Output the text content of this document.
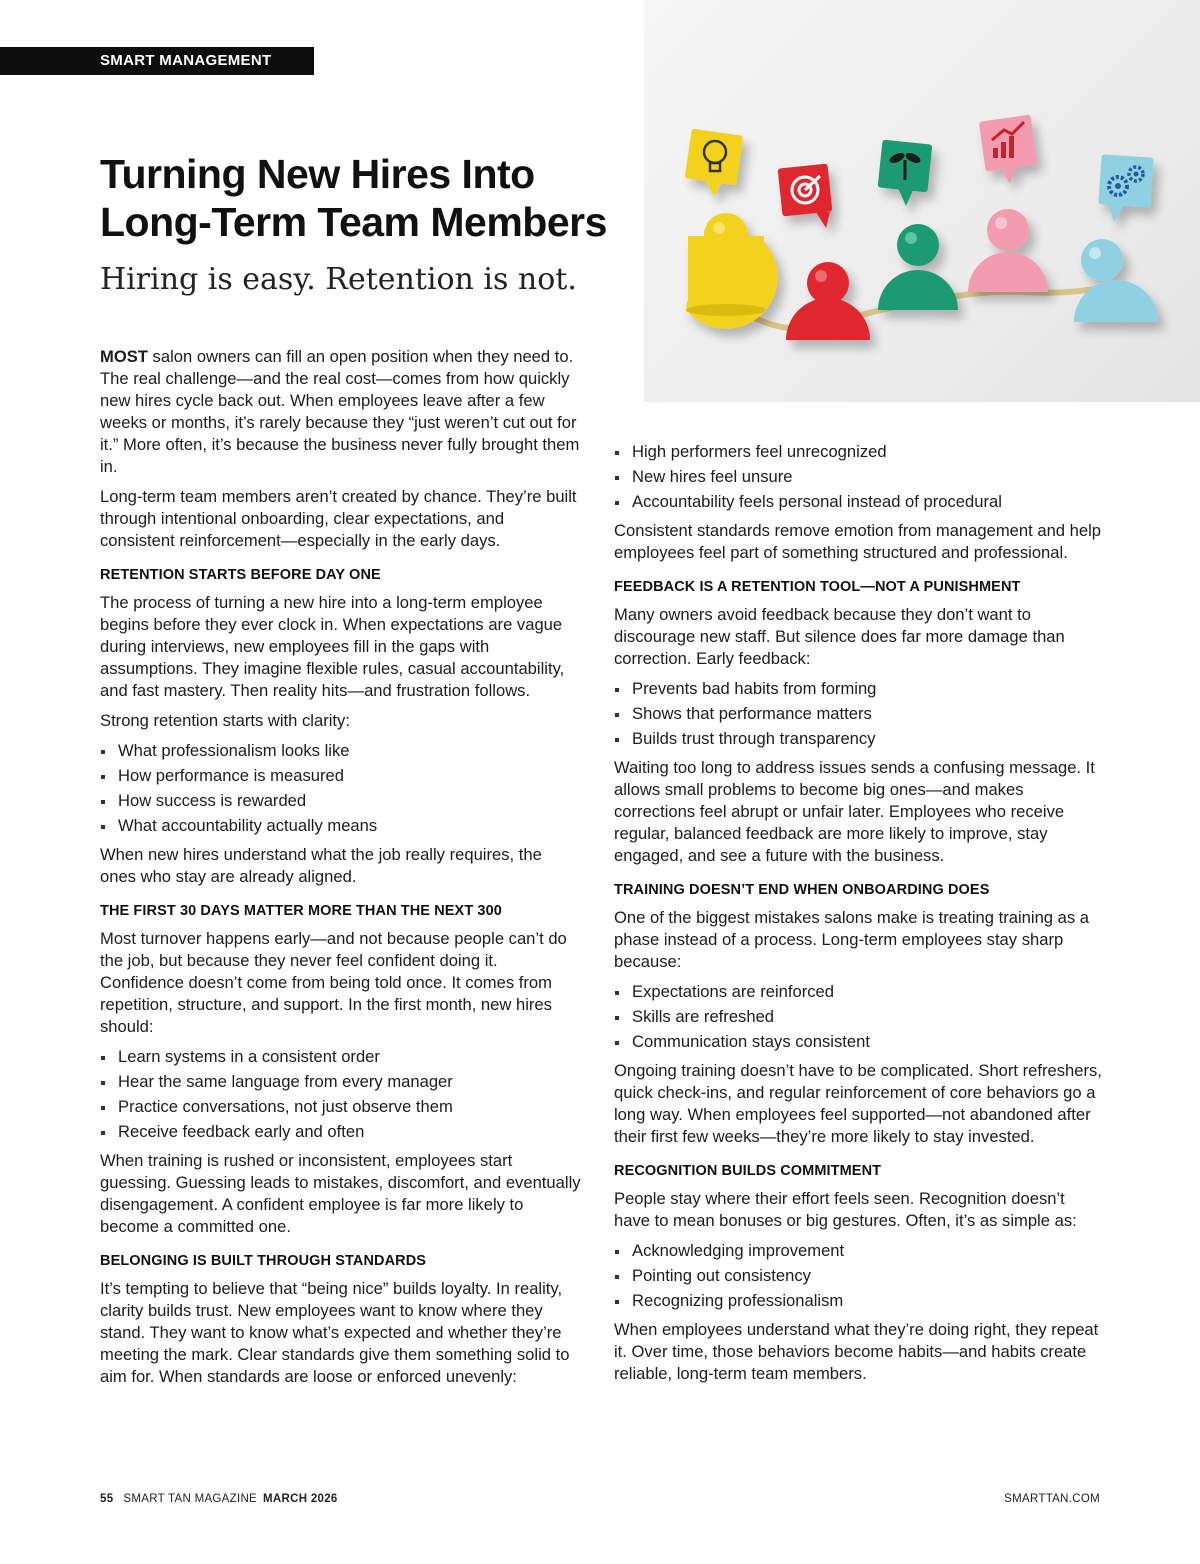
SMART MANAGEMENT
Turning New Hires Into
Long-Term Team Members
Hiring is easy. Retention is not.

MOST salon owners can fill an open position when they need to. The real challenge—and the real cost—comes from how quickly new hires cycle back out. When employees leave after a few weeks or months, it’s rarely because they “just weren’t cut out for it.” More often, it’s because the business never fully brought them in.

Long-term team members aren’t created by chance. They’re built through intentional onboarding, clear expectations, and consistent reinforcement—especially in the early days.

RETENTION STARTS BEFORE DAY ONE

The process of turning a new hire into a long-term employee begins before they ever clock in. When expectations are vague during interviews, new employees fill in the gaps with assumptions. They imagine flexible rules, casual accountability, and fast mastery. Then reality hits—and frustration follows.

Strong retention starts with clarity:

What professionalism looks like
How performance is measured
How success is rewarded
What accountability actually means

When new hires understand what the job really requires, the ones who stay are already aligned.

THE FIRST 30 DAYS MATTER MORE THAN THE NEXT 300

Most turnover happens early—and not because people can’t do the job, but because they never feel confident doing it. Confidence doesn’t come from being told once. It comes from repetition, structure, and support. In the first month, new hires should:

Learn systems in a consistent order
Hear the same language from every manager
Practice conversations, not just observe them
Receive feedback early and often

When training is rushed or inconsistent, employees start guessing. Guessing leads to mistakes, discomfort, and eventually disengagement. A confident employee is far more likely to become a committed one.

BELONGING IS BUILT THROUGH STANDARDS

It’s tempting to believe that “being nice” builds loyalty. In reality, clarity builds trust. New employees want to know where they stand. They want to know what’s expected and whether they’re meeting the mark. Clear standards give them something solid to aim for. When standards are loose or enforced unevenly:

High performers feel unrecognized
New hires feel unsure
Accountability feels personal instead of procedural

Consistent standards remove emotion from management and help employees feel part of something structured and professional.

FEEDBACK IS A RETENTION TOOL—NOT A PUNISHMENT

Many owners avoid feedback because they don’t want to discourage new staff. But silence does far more damage than correction. Early feedback:

Prevents bad habits from forming
Shows that performance matters
Builds trust through transparency

Waiting too long to address issues sends a confusing message. It allows small problems to become big ones—and makes corrections feel abrupt or unfair later. Employees who receive regular, balanced feedback are more likely to improve, stay engaged, and see a future with the business.

TRAINING DOESN’T END WHEN ONBOARDING DOES

One of the biggest mistakes salons make is treating training as a phase instead of a process. Long-term employees stay sharp because:

Expectations are reinforced
Skills are refreshed
Communication stays consistent

Ongoing training doesn’t have to be complicated. Short refreshers, quick check-ins, and regular reinforcement of core behaviors go a long way. When employees feel supported—not abandoned after their first few weeks—they’re more likely to stay invested.

RECOGNITION BUILDS COMMITMENT

People stay where their effort feels seen. Recognition doesn’t have to mean bonuses or big gestures. Often, it’s as simple as:

Acknowledging improvement
Pointing out consistency
Recognizing professionalism

When employees understand what they’re doing right, they repeat it. Over time, those behaviors become habits—and habits create reliable, long-term team members.

55 SMART TAN MAGAZINE MARCH 2026	SMARTTAN.COM
